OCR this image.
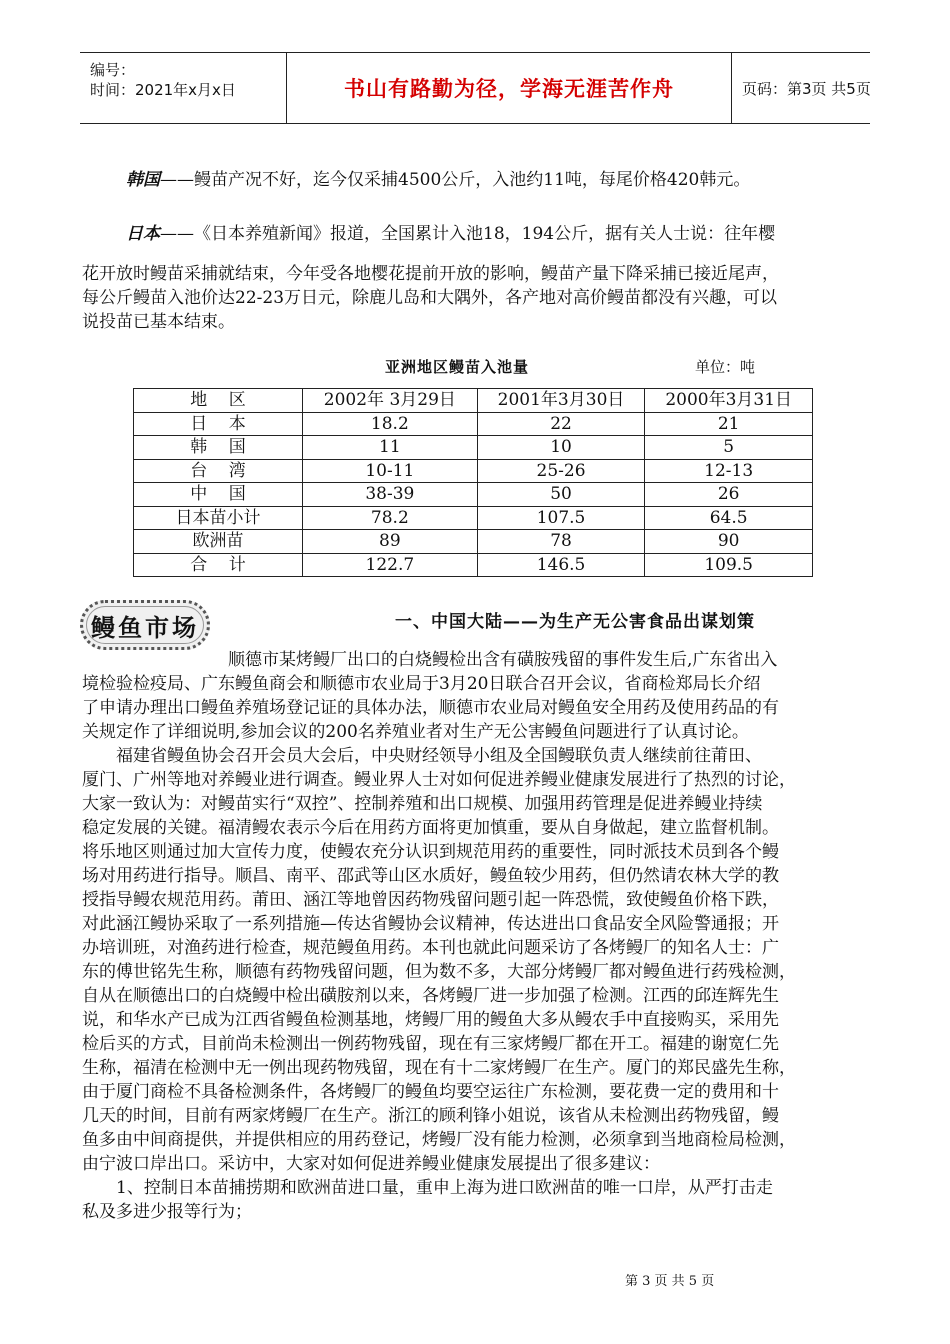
编号：
时间：2021年x月x日	书山有路勤为径，学海无涯苦作舟	页码：第3页 共5页

韩国——鳗苗产况不好，迄今仅采捕4500公斤，入池约11吨，每尾价格420韩元。

日本——《日本养殖新闻》报道，全国累计入池18，194公斤，据有关人士说：往年樱

花开放时鳗苗采捕就结束，今年受各地樱花提前开放的影响，鳗苗产量下降采捕已接近尾声，

每公斤鳗苗入池价达22-23万日元，除鹿儿岛和大隅外，各产地对高价鳗苗都没有兴趣，可以

说投苗已基本结束。

亚洲地区鳗苗入池量	单位：吨
地    区	2002年 3月29日	2001年3月30日	2000年3月31日
日    本	18.2	22	21
韩    国	11	10	5
台    湾	10-11	25-26	12-13
中    国	38-39	50	26
日本苗小计	78.2	107.5	64.5
欧洲苗	89	78	90
合    计	122.7	146.5	109.5
鳗鱼市场	一、中国大陆——为生产无公害食品出谋划策

顺德市某烤鳗厂出口的白烧鳗检出含有磺胺残留的事件发生后,广东省出入

境检验检疫局、广东鳗鱼商会和顺德市农业局于3月20日联合召开会议，省商检郑局长介绍

了申请办理出口鳗鱼养殖场登记证的具体办法，顺德市农业局对鳗鱼安全用药及使用药品的有

关规定作了详细说明,参加会议的200名养殖业者对生产无公害鳗鱼问题进行了认真讨论。

　　福建省鳗鱼协会召开会员大会后，中央财经领导小组及全国鳗联负责人继续前往莆田、

厦门、广州等地对养鳗业进行调查。鳗业界人士对如何促进养鳗业健康发展进行了热烈的讨论，

大家一致认为：对鳗苗实行“双控”、控制养殖和出口规模、加强用药管理是促进养鳗业持续

稳定发展的关键。福清鳗农表示今后在用药方面将更加慎重，要从自身做起，建立监督机制。

将乐地区则通过加大宣传力度，使鳗农充分认识到规范用药的重要性，同时派技术员到各个鳗

场对用药进行指导。顺昌、南平、邵武等山区水质好，鳗鱼较少用药，但仍然请农林大学的教

授指导鳗农规范用药。莆田、涵江等地曾因药物残留问题引起一阵恐慌，致使鳗鱼价格下跌，

对此涵江鳗协采取了一系列措施—传达省鳗协会议精神，传达进出口食品安全风险警通报；开

办培训班，对渔药进行检查，规范鳗鱼用药。本刊也就此问题采访了各烤鳗厂的知名人士：广

东的傅世铭先生称，顺德有药物残留问题，但为数不多，大部分烤鳗厂都对鳗鱼进行药残检测，

自从在顺德出口的白烧鳗中检出磺胺剂以来，各烤鳗厂进一步加强了检测。江西的邱连辉先生

说，和华水产已成为江西省鳗鱼检测基地，烤鳗厂用的鳗鱼大多从鳗农手中直接购买，采用先

检后买的方式，目前尚未检测出一例药物残留，现在有三家烤鳗厂都在开工。福建的谢宽仁先

生称，福清在检测中无一例出现药物残留，现在有十二家烤鳗厂在生产。厦门的郑民盛先生称，

由于厦门商检不具备检测条件，各烤鳗厂的鳗鱼均要空运往广东检测，要花费一定的费用和十

几天的时间，目前有两家烤鳗厂在生产。浙江的顾利锋小姐说，该省从未检测出药物残留，鳗

鱼多由中间商提供，并提供相应的用药登记，烤鳗厂没有能力检测，必须拿到当地商检局检测，

由宁波口岸出口。采访中，大家对如何促进养鳗业健康发展提出了很多建议：

　　1、控制日本苗捕捞期和欧洲苗进口量，重申上海为进口欧洲苗的唯一口岸，从严打击走

私及多进少报等行为；

第 3 页 共 5 页
